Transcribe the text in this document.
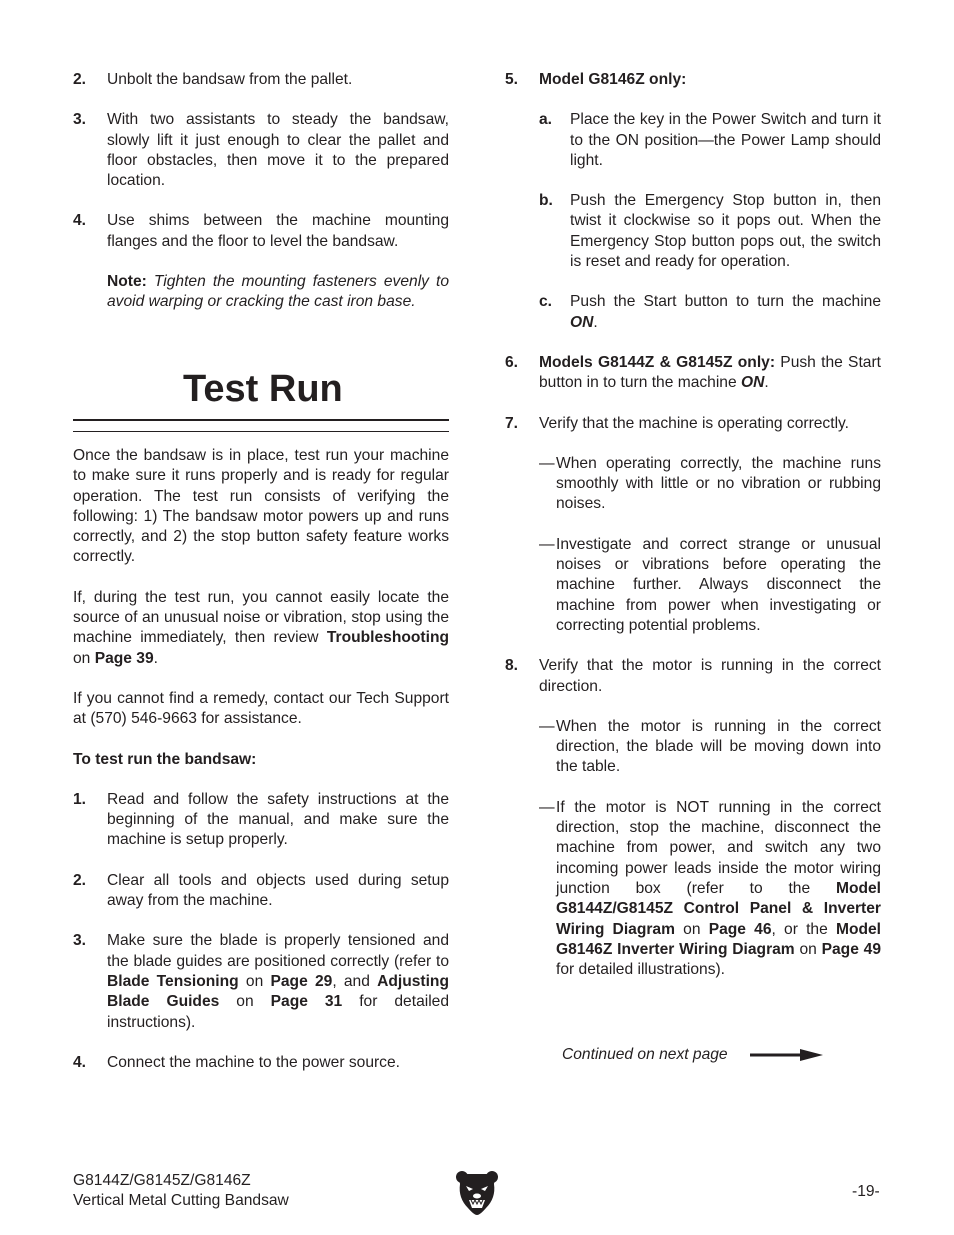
2. Unbolt the bandsaw from the pallet.
3. With two assistants to steady the bandsaw, slowly lift it just enough to clear the pallet and floor obstacles, then move it to the prepared location.
4. Use shims between the machine mounting flanges and the floor to level the bandsaw.
Note: Tighten the mounting fasteners evenly to avoid warping or cracking the cast iron base.
Test Run

Once the bandsaw is in place, test run your machine to make sure it runs properly and is ready for regular operation. The test run consists of verifying the following: 1) The bandsaw motor powers up and runs correctly, and 2) the stop button safety feature works correctly.

If, during the test run, you cannot easily locate the source of an unusual noise or vibration, stop using the machine immediately, then review Troubleshooting on Page 39.

If you cannot find a remedy, contact our Tech Support at (570) 546-9663 for assistance.

To test run the bandsaw:

1. Read and follow the safety instructions at the beginning of the manual, and make sure the machine is setup properly.
2. Clear all tools and objects used during setup away from the machine.
3. Make sure the blade is properly tensioned and the blade guides are positioned correctly (refer to Blade Tensioning on Page 29, and Adjusting Blade Guides on Page 31 for detailed instructions).
4. Connect the machine to the power source.
5. Model G8146Z only:
a. Place the key in the Power Switch and turn it to the ON position—the Power Lamp should light.
b. Push the Emergency Stop button in, then twist it clockwise so it pops out. When the Emergency Stop button pops out, the switch is reset and ready for operation.
c. Push the Start button to turn the machine ON.
6. Models G8144Z & G8145Z only: Push the Start button in to turn the machine ON.
7. Verify that the machine is operating correctly.
— When operating correctly, the machine runs smoothly with little or no vibration or rubbing noises.
— Investigate and correct strange or unusual noises or vibrations before operating the machine further. Always disconnect the machine from power when investigating or correcting potential problems.
8. Verify that the motor is running in the correct direction.
— When the motor is running in the correct direction, the blade will be moving down into the table.
— If the motor is NOT running in the correct direction, stop the machine, disconnect the machine from power, and switch any two incoming power leads inside the motor wiring junction box (refer to the Model G8144Z/G8145Z Control Panel & Inverter Wiring Diagram on Page 46, or the Model G8146Z Inverter Wiring Diagram on Page 49 for detailed illustrations).
Continued on next page
G8144Z/G8145Z/G8146Z
Vertical Metal Cutting Bandsaw
-19-
